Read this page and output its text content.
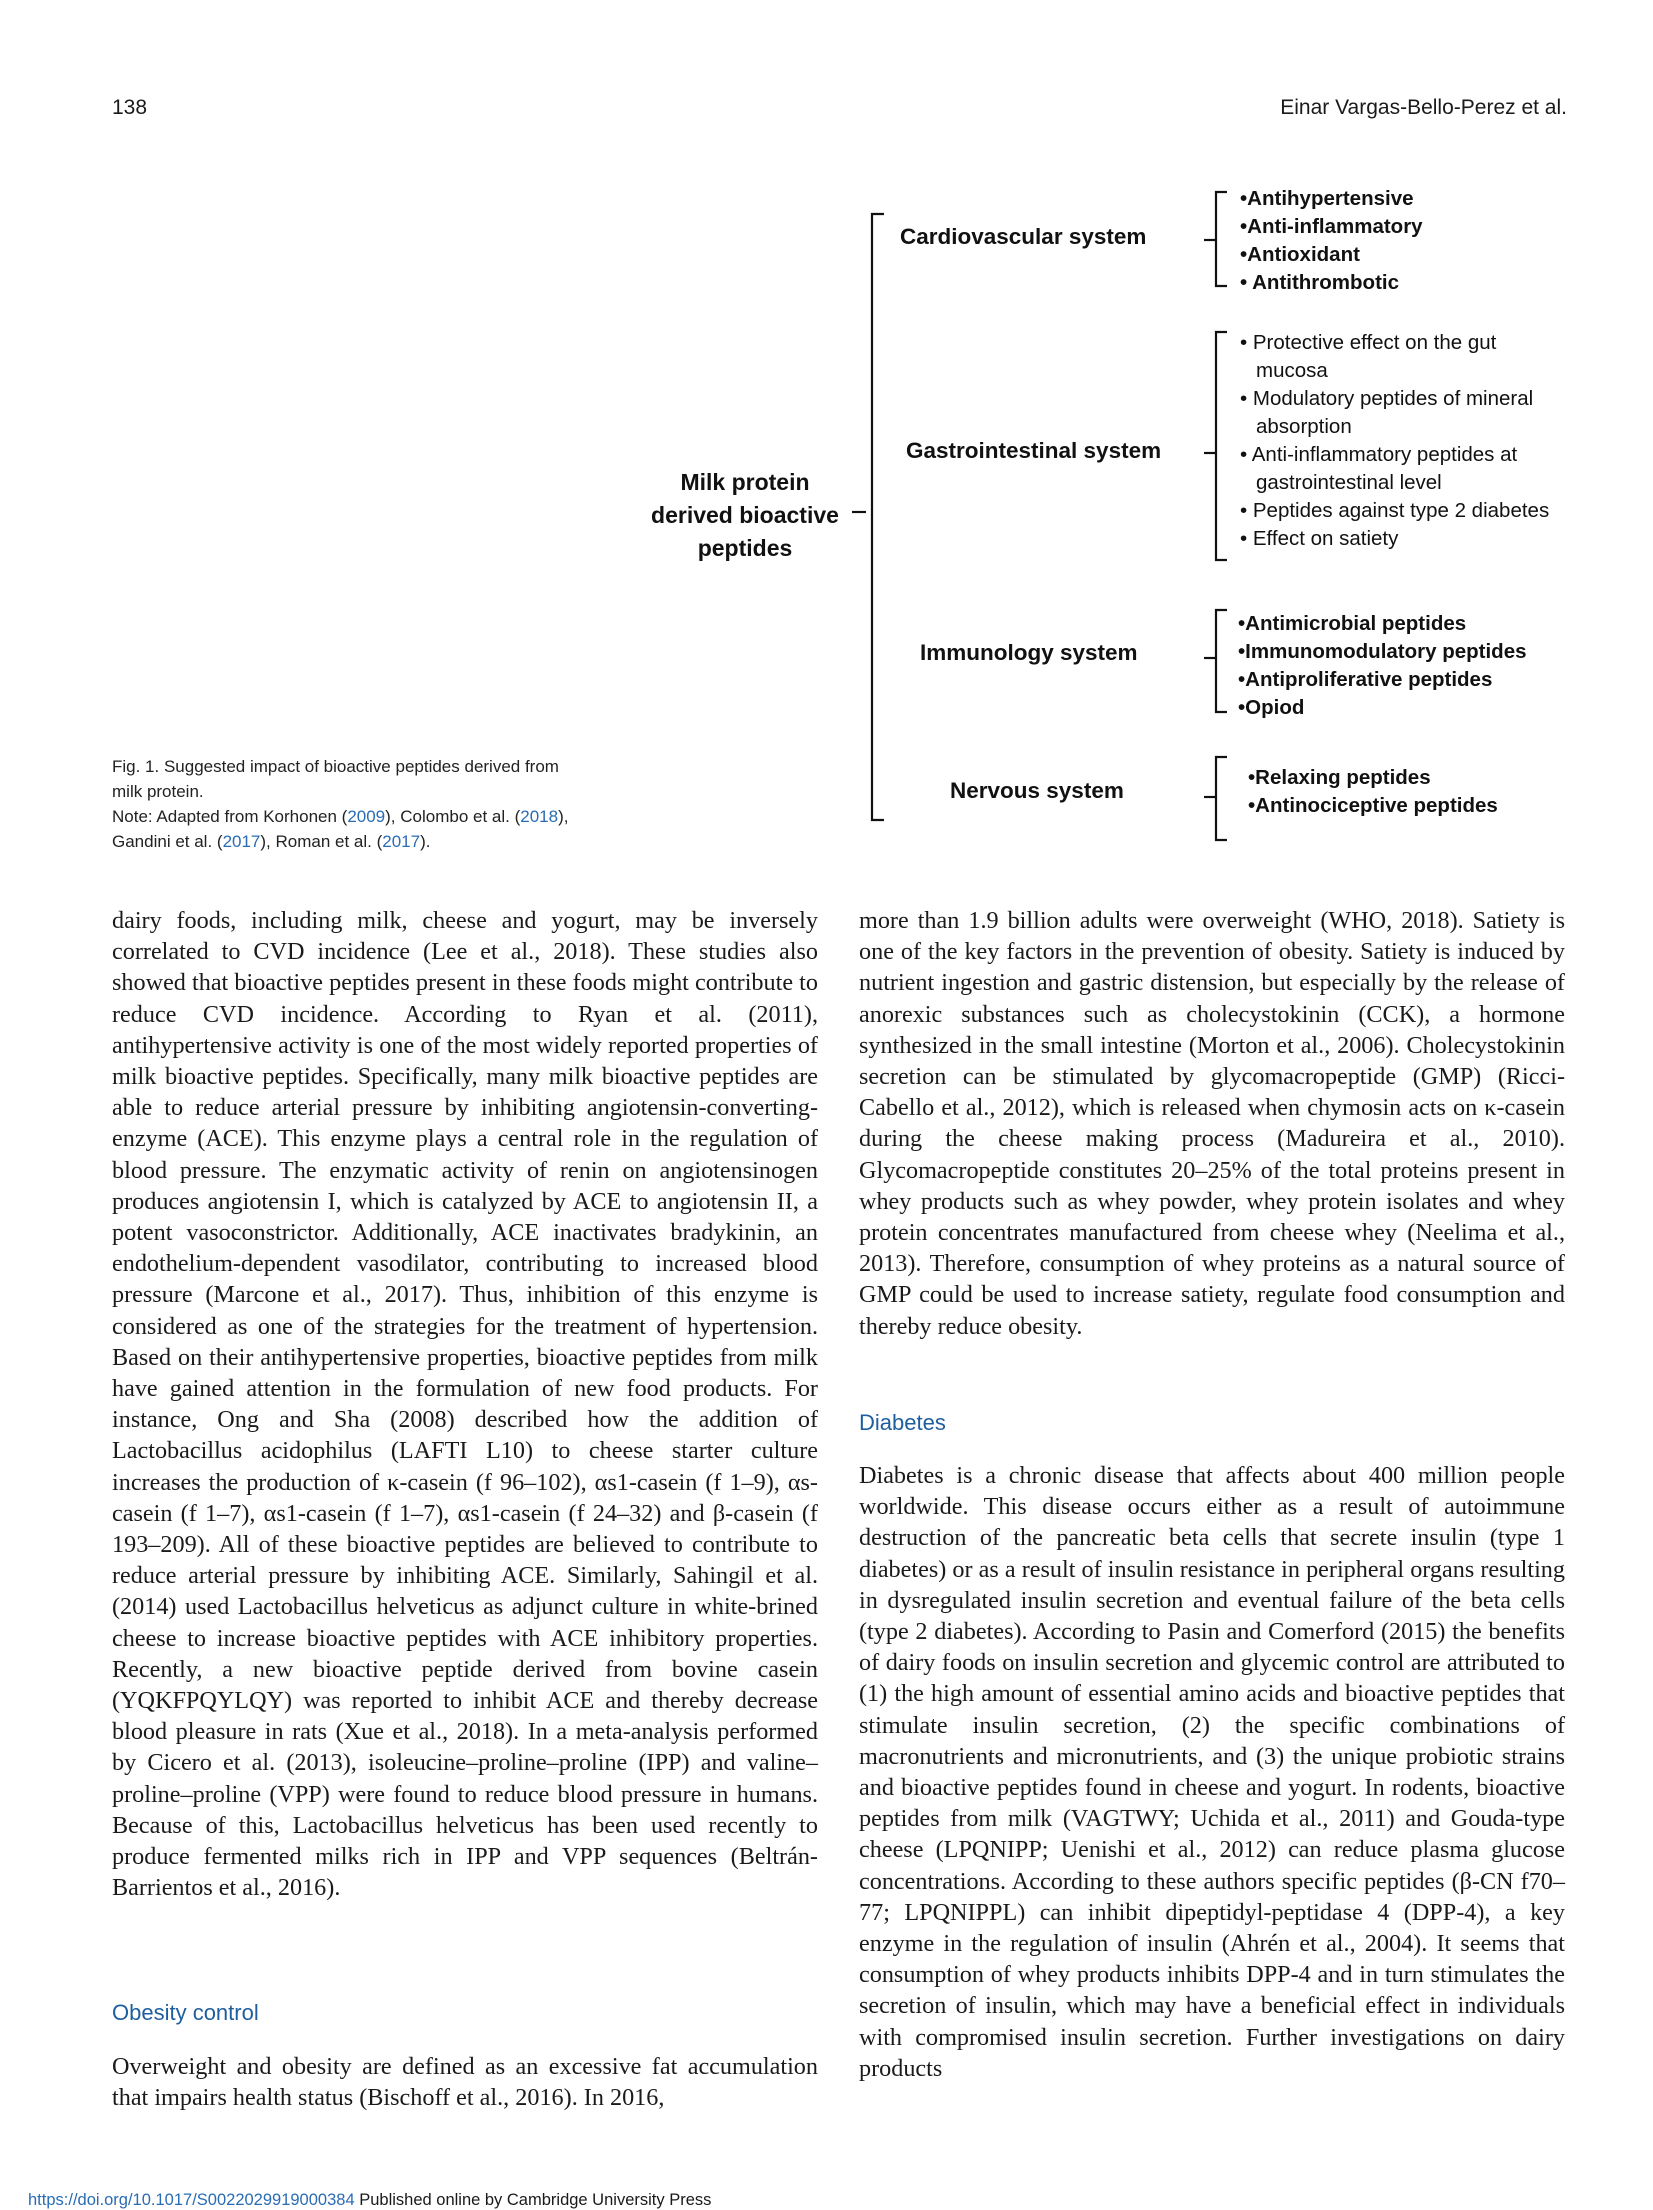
138	Einar Vargas-Bello-Perez et al.
Milk protein
derived bioactive
peptides
Cardiovascular system
Gastrointestinal system
Immunology system
Nervous system
•Antihypertensive
•Anti-inflammatory
•Antioxidant
• Antithrombotic
• Protective effect on the gut
mucosa
• Modulatory peptides of mineral
absorption
• Anti-inflammatory peptides at
gastrointestinal level
• Peptides against type 2 diabetes
• Effect on satiety
•Antimicrobial peptides
•Immunomodulatory peptides
•Antiproliferative peptides
•Opiod
•Relaxing peptides
•Antinociceptive peptides

Fig. 1. Suggested impact of bioactive peptides derived from

milk protein.

Note: Adapted from Korhonen (2009), Colombo et al. (2018),

Gandini et al. (2017), Roman et al. (2017).

dairy foods, including milk, cheese and yogurt, may be inversely correlated to CVD incidence (Lee et al., 2018). These studies also showed that bioactive peptides present in these foods might contribute to reduce CVD incidence. According to Ryan et al. (2011), antihypertensive activity is one of the most widely reported properties of milk bioactive peptides. Specifically, many milk bioactive peptides are able to reduce arterial pressure by inhibiting angiotensin-converting-enzyme (ACE). This enzyme plays a central role in the regulation of blood pressure. The enzymatic activity of renin on angiotensinogen produces angiotensin I, which is catalyzed by ACE to angiotensin II, a potent vasoconstrictor. Additionally, ACE inactivates bradykinin, an endothelium-dependent vasodilator, contributing to increased blood pressure (Marcone et al., 2017). Thus, inhibition of this enzyme is considered as one of the strategies for the treatment of hypertension. Based on their antihypertensive properties, bioactive peptides from milk have gained attention in the formulation of new food products. For instance, Ong and Sha (2008) described how the addition of Lactobacillus acidophilus (LAFTI L10) to cheese starter culture increases the production of κ-casein (f 96–102), αs1-casein (f 1–9), αs-casein (f 1–7), αs1-casein (f 1–7), αs1-casein (f 24–32) and β-casein (f 193–209). All of these bioactive peptides are believed to contribute to reduce arterial pressure by inhibiting ACE. Similarly, Sahingil et al. (2014) used Lactobacillus helveticus as adjunct culture in white-brined cheese to increase bioactive peptides with ACE inhibitory properties. Recently, a new bioactive peptide derived from bovine casein (YQKFPQYLQY) was reported to inhibit ACE and thereby decrease blood pleasure in rats (Xue et al., 2018). In a meta-analysis performed by Cicero et al. (2013), isoleucine–proline–proline (IPP) and valine–proline–proline (VPP) were found to reduce blood pressure in humans. Because of this, Lactobacillus helveticus has been used recently to produce fermented milks rich in IPP and VPP sequences (Beltrán-Barrientos et al., 2016).

Obesity control

Overweight and obesity are defined as an excessive fat accumulation that impairs health status (Bischoff et al., 2016). In 2016,

more than 1.9 billion adults were overweight (WHO, 2018). Satiety is one of the key factors in the prevention of obesity. Satiety is induced by nutrient ingestion and gastric distension, but especially by the release of anorexic substances such as cholecystokinin (CCK), a hormone synthesized in the small intestine (Morton et al., 2006). Cholecystokinin secretion can be stimulated by glycomacropeptide (GMP) (Ricci-Cabello et al., 2012), which is released when chymosin acts on κ-casein during the cheese making process (Madureira et al., 2010). Glycomacropeptide constitutes 20–25% of the total proteins present in whey products such as whey powder, whey protein isolates and whey protein concentrates manufactured from cheese whey (Neelima et al., 2013). Therefore, consumption of whey proteins as a natural source of GMP could be used to increase satiety, regulate food consumption and thereby reduce obesity.

Diabetes

Diabetes is a chronic disease that affects about 400 million people worldwide. This disease occurs either as a result of autoimmune destruction of the pancreatic beta cells that secrete insulin (type 1 diabetes) or as a result of insulin resistance in peripheral organs resulting in dysregulated insulin secretion and eventual failure of the beta cells (type 2 diabetes). According to Pasin and Comerford (2015) the benefits of dairy foods on insulin secretion and glycemic control are attributed to (1) the high amount of essential amino acids and bioactive peptides that stimulate insulin secretion, (2) the specific combinations of macronutrients and micronutrients, and (3) the unique probiotic strains and bioactive peptides found in cheese and yogurt. In rodents, bioactive peptides from milk (VAGTWY; Uchida et al., 2011) and Gouda-type cheese (LPQNIPP; Uenishi et al., 2012) can reduce plasma glucose concentrations. According to these authors specific peptides (β-CN f70–77; LPQNIPPL) can inhibit dipeptidyl-peptidase 4 (DPP-4), a key enzyme in the regulation of insulin (Ahrén et al., 2004). It seems that consumption of whey products inhibits DPP-4 and in turn stimulates the secretion of insulin, which may have a beneficial effect in individuals with compromised insulin secretion. Further investigations on dairy products

https://doi.org/10.1017/S0022029919000384 Published online by Cambridge University Press
